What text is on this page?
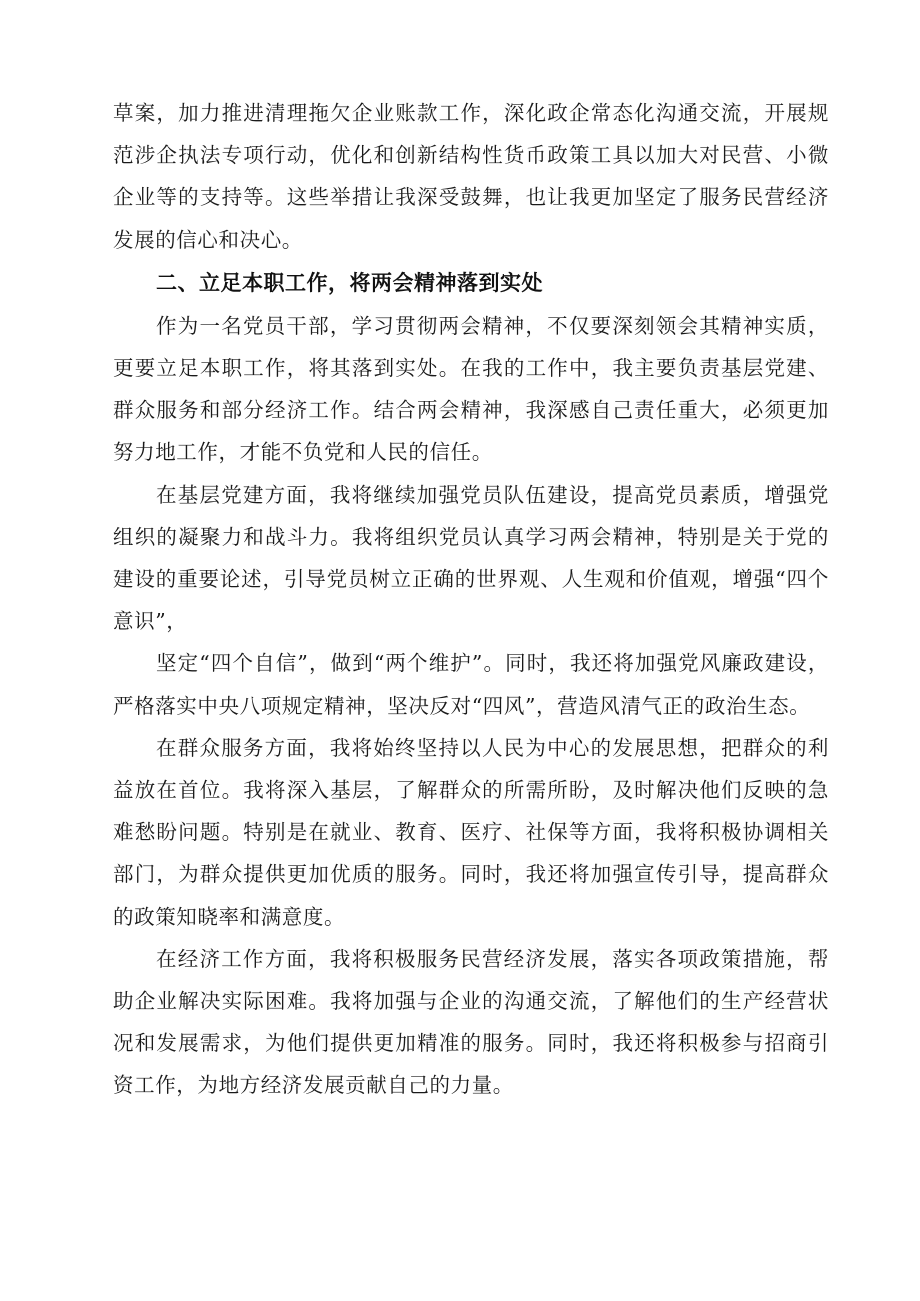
草案，加力推进清理拖欠企业账款工作，深化政企常态化沟通交流，开展规范涉企执法专项行动，优化和创新结构性货币政策工具以加大对民营、小微企业等的支持等。这些举措让我深受鼓舞，也让我更加坚定了服务民营经济发展的信心和决心。

二、立足本职工作，将两会精神落到实处

作为一名党员干部，学习贯彻两会精神，不仅要深刻领会其精神实质，更要立足本职工作，将其落到实处。在我的工作中，我主要负责基层党建、群众服务和部分经济工作。结合两会精神，我深感自己责任重大，必须更加努力地工作，才能不负党和人民的信任。

在基层党建方面，我将继续加强党员队伍建设，提高党员素质，增强党组织的凝聚力和战斗力。我将组织党员认真学习两会精神，特别是关于党的建设的重要论述，引导党员树立正确的世界观、人生观和价值观，增强“四个意识”，

坚定“四个自信”，做到“两个维护”。同时，我还将加强党风廉政建设，严格落实中央八项规定精神，坚决反对“四风”，营造风清气正的政治生态。

在群众服务方面，我将始终坚持以人民为中心的发展思想，把群众的利益放在首位。我将深入基层，了解群众的所需所盼，及时解决他们反映的急难愁盼问题。特别是在就业、教育、医疗、社保等方面，我将积极协调相关部门，为群众提供更加优质的服务。同时，我还将加强宣传引导，提高群众的政策知晓率和满意度。

在经济工作方面，我将积极服务民营经济发展，落实各项政策措施，帮助企业解决实际困难。我将加强与企业的沟通交流，了解他们的生产经营状况和发展需求，为他们提供更加精准的服务。同时，我还将积极参与招商引资工作，为地方经济发展贡献自己的力量。
